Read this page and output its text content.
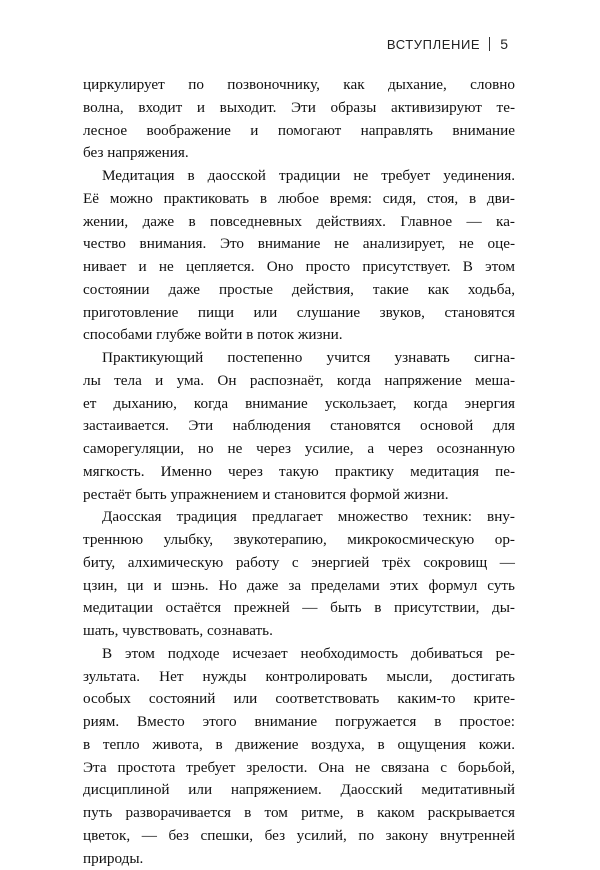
ВСТУПЛЕНИЕ 5
циркулирует по позвоночнику, как дыхание, словно
волна, входит и выходит. Эти образы активизируют те-
лесное воображение и помогают направлять внимание
без напряжения.
Медитация в даосской традиции не требует уединения.
Её можно практиковать в любое время: сидя, стоя, в дви-
жении, даже в повседневных действиях. Главное — ка-
чество внимания. Это внимание не анализирует, не оце-
нивает и не цепляется. Оно просто присутствует. В этом
состоянии даже простые действия, такие как ходьба,
приготовление пищи или слушание звуков, становятся
способами глубже войти в поток жизни.
Практикующий постепенно учится узнавать сигна-
лы тела и ума. Он распознаёт, когда напряжение меша-
ет дыханию, когда внимание ускользает, когда энергия
застаивается. Эти наблюдения становятся основой для
саморегуляции, но не через усилие, а через осознанную
мягкость. Именно через такую практику медитация пе-
рестаёт быть упражнением и становится формой жизни.
Даосская традиция предлагает множество техник: вну-
треннюю улыбку, звукотерапию, микрокосмическую ор-
биту, алхимическую работу с энергией трёх сокровищ —
цзин, ци и шэнь. Но даже за пределами этих формул суть
медитации остаётся прежней — быть в присутствии, ды-
шать, чувствовать, сознавать.
В этом подходе исчезает необходимость добиваться ре-
зультата. Нет нужды контролировать мысли, достигать
особых состояний или соответствовать каким-то крите-
риям. Вместо этого внимание погружается в простое:
в тепло живота, в движение воздуха, в ощущения кожи.
Эта простота требует зрелости. Она не связана с борьбой,
дисциплиной или напряжением. Даосский медитативный
путь разворачивается в том ритме, в каком раскрывается
цветок, — без спешки, без усилий, по закону внутренней
природы.
